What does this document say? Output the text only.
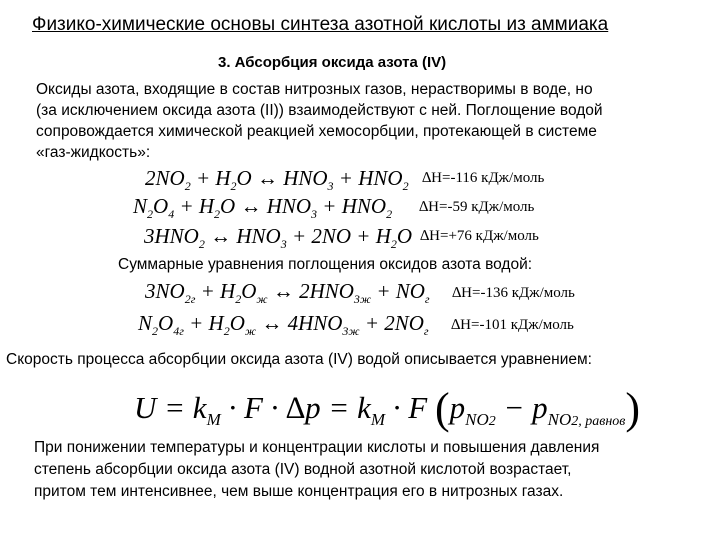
Физико-химические основы синтеза азотной кислоты из аммиака
3. Абсорбция оксида азота (IV)
Оксиды азота, входящие в состав нитрозных газов, нерастворимы в воде, но
(за исключением оксида азота (II)) взаимодействуют с ней. Поглощение водой
сопровождается химической реакцией хемосорбции, протекающей в системе
«газ-жидкость»:
$2NO_2 + H_2O$ ↔ $HNO_3 + HNO_2$
∆H=-116 кДж/моль
$N_2O_4 + H_2O$ ↔ $HNO_3 + HNO_2$ ∆H=-59 кДж/моль
$3HNO_2$ ↔ $HNO_3 + 2NO + H_2O$ ∆H=+76 кДж/моль
Суммарные уравнения поглощения оксидов азота водой:
$3NO_{2г} + H_2O_ж$ ↔ $2HNO_{3ж} + NO_г$ ∆H=-136 кДж/моль
$N_2O_{4г} + H_2O_ж$ ↔ $4HNO_{3ж} + 2NO_г$ ∆H=-101 кДж/моль
Скорость процесса абсорбции оксида азота (IV) водой описывается уравнением:
$U = k_M \cdot F \cdot \Delta p = k_M \cdot F$ $(p_{NO2} - p_{NO2, равнов})$
При понижении температуры и концентрации кислоты и повышения давления
степень абсорбции оксида азота (IV) водной азотной кислотой возрастает,
притом тем интенсивнее, чем выше концентрация его в нитрозных газах.
